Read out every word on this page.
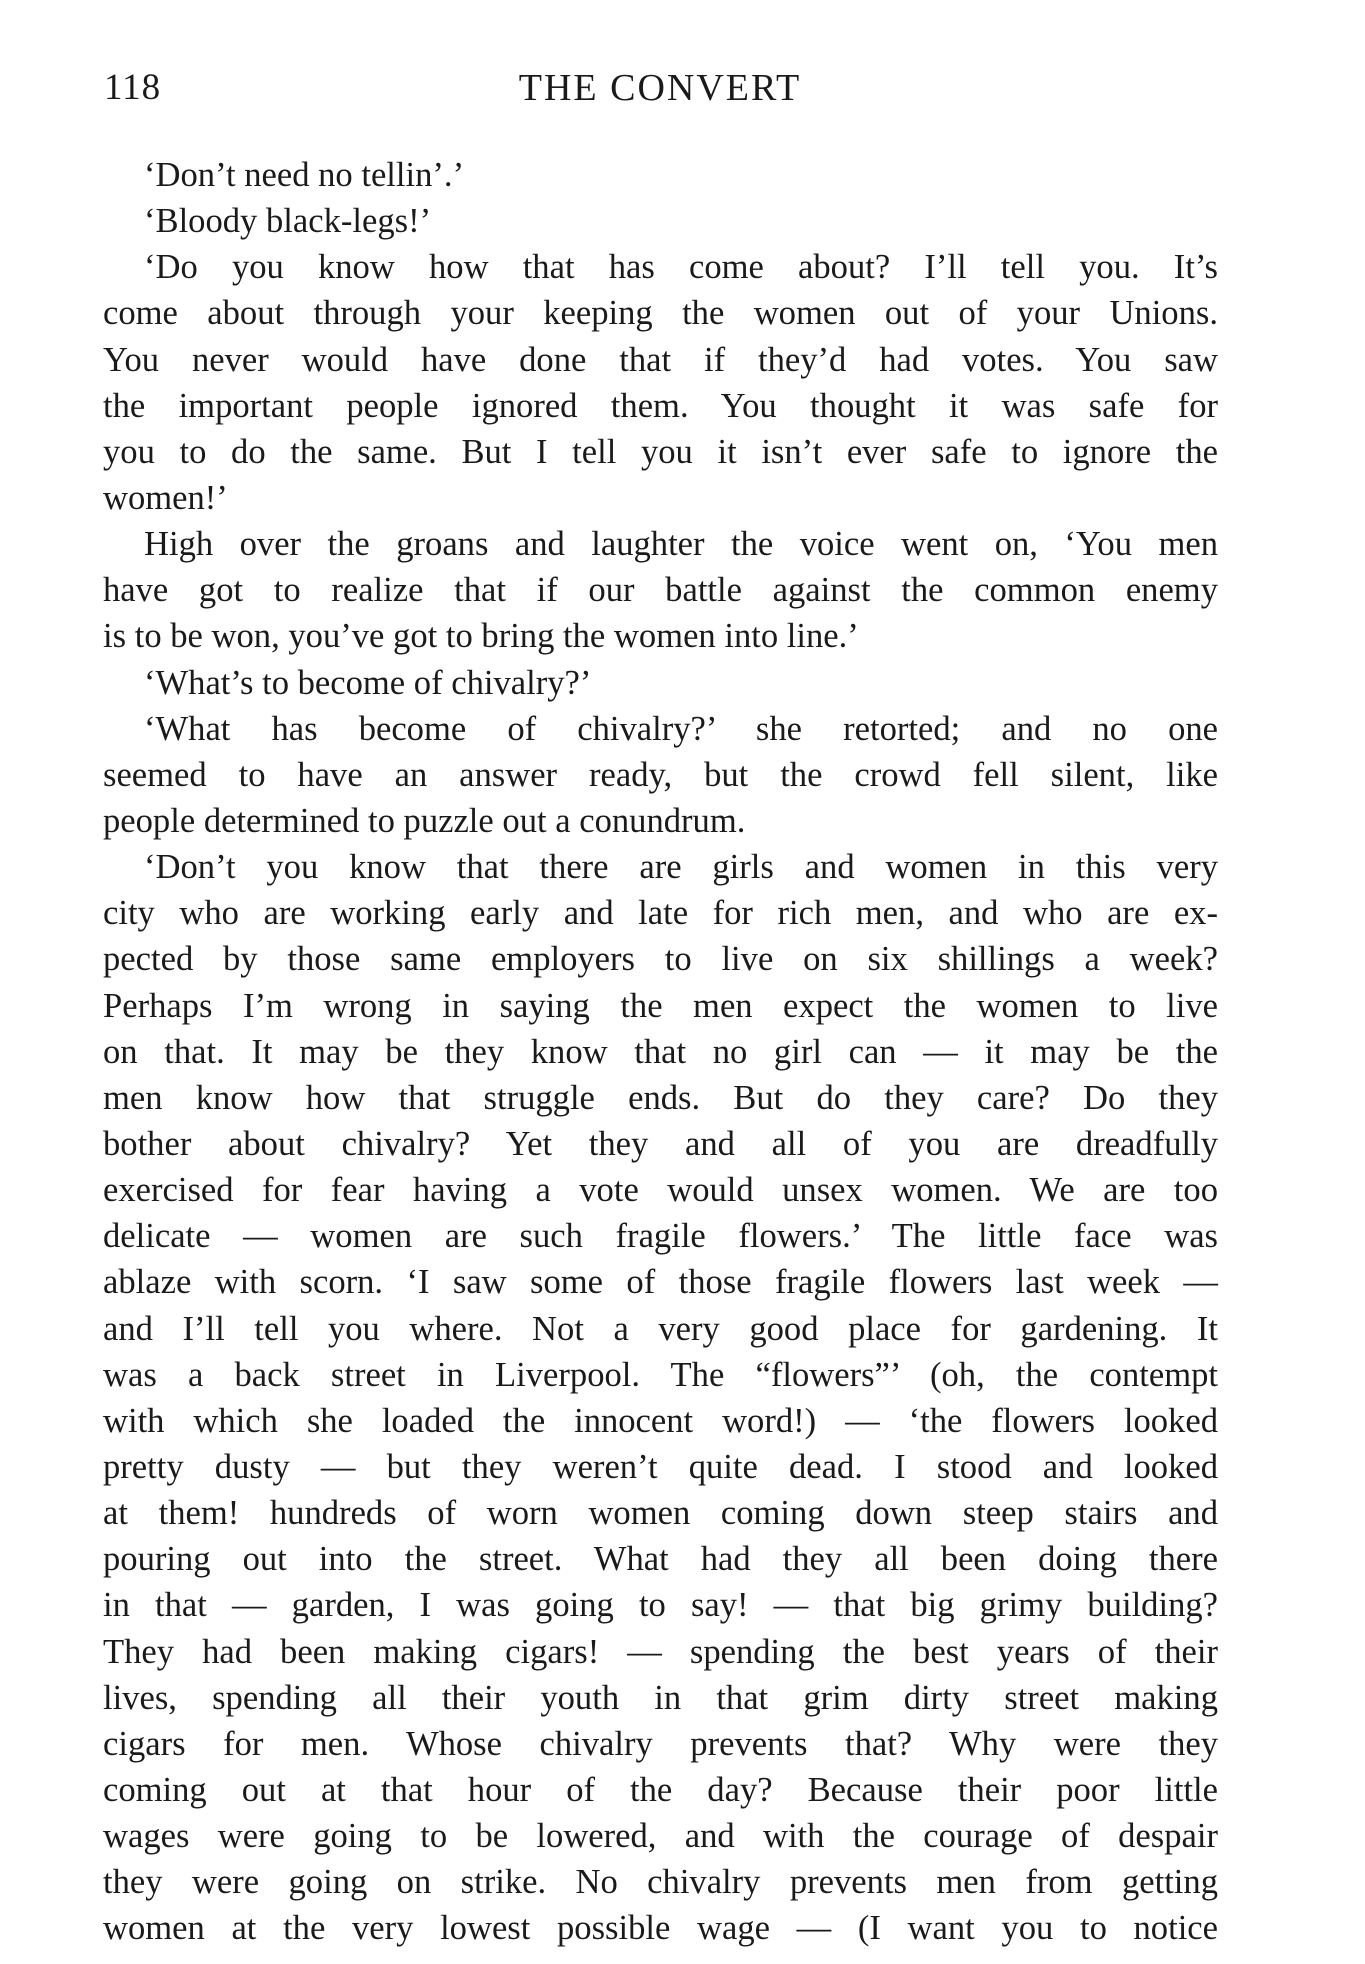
118	THE CONVERT
‘Don’t need no tellin’.’
‘Bloody black-legs!’
‘Do you know how that has come about? I’ll tell you. It’s
come about through your keeping the women out of your Unions.
You never would have done that if they’d had votes. You saw
the important people ignored them. You thought it was safe for
you to do the same. But I tell you it isn’t ever safe to ignore the
women!’
High over the groans and laughter the voice went on, ‘You men
have got to realize that if our battle against the common enemy
is to be won, you’ve got to bring the women into line.’
‘What’s to become of chivalry?’
‘What has become of chivalry?’ she retorted; and no one
seemed to have an answer ready, but the crowd fell silent, like
people determined to puzzle out a conundrum.
‘Don’t you know that there are girls and women in this very
city who are working early and late for rich men, and who are ex-
pected by those same employers to live on six shillings a week?
Perhaps I’m wrong in saying the men expect the women to live
on that. It may be they know that no girl can — it may be the
men know how that struggle ends. But do they care? Do they
bother about chivalry? Yet they and all of you are dreadfully
exercised for fear having a vote would unsex women. We are too
delicate — women are such fragile flowers.’ The little face was
ablaze with scorn. ‘I saw some of those fragile flowers last week —
and I’ll tell you where. Not a very good place for gardening. It
was a back street in Liverpool. The “flowers”’ (oh, the contempt
with which she loaded the innocent word!) — ‘the flowers looked
pretty dusty — but they weren’t quite dead. I stood and looked
at them! hundreds of worn women coming down steep stairs and
pouring out into the street. What had they all been doing there
in that — garden, I was going to say! — that big grimy building?
They had been making cigars! — spending the best years of their
lives, spending all their youth in that grim dirty street making
cigars for men. Whose chivalry prevents that? Why were they
coming out at that hour of the day? Because their poor little
wages were going to be lowered, and with the courage of despair
they were going on strike. No chivalry prevents men from getting
women at the very lowest possible wage — (I want you to notice
